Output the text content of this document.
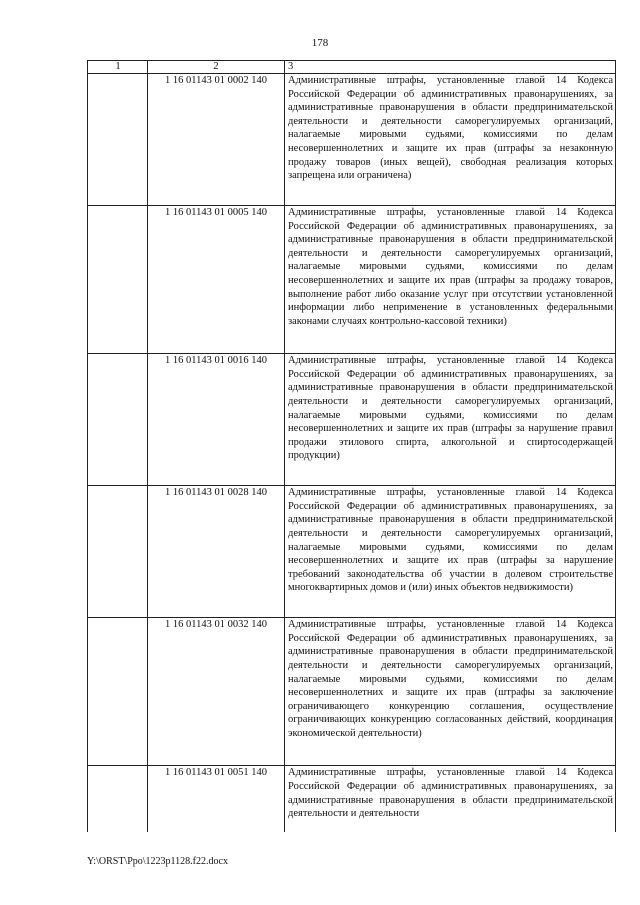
178
1	2	3
	1 16 01143 01 0002 140	Административные штрафы, установленные главой 14 Кодекса Российской Федерации об административных правонарушениях, за административные правонарушения в области предпринимательской деятельности и деятельности саморегулируемых организаций, налагаемые мировыми судьями, комиссиями по делам несовершеннолетних и защите их прав (штрафы за незаконную продажу товаров (иных вещей), свободная реализация которых запрещена или ограничена)
	1 16 01143 01 0005 140	Административные штрафы, установленные главой 14 Кодекса Российской Федерации об административных правонарушениях, за административные правонарушения в области предпринимательской деятельности и деятельности саморегулируемых организаций, налагаемые мировыми судьями, комиссиями по делам несовершеннолетних и защите их прав (штрафы за продажу товаров, выполнение работ либо оказание услуг при отсутствии установленной информации либо неприменение в установленных федеральными законами случаях контрольно-кассовой техники)
	1 16 01143 01 0016 140	Административные штрафы, установленные главой 14 Кодекса Российской Федерации об административных правонарушениях, за административные правонарушения в области предпринимательской деятельности и деятельности саморегулируемых организаций, налагаемые мировыми судьями, комиссиями по делам несовершеннолетних и защите их прав (штрафы за нарушение правил продажи этилового спирта, алкогольной и спиртосодержащей продукции)
	1 16 01143 01 0028 140	Административные штрафы, установленные главой 14 Кодекса Российской Федерации об административных правонарушениях, за административные правонарушения в области предпринимательской деятельности и деятельности саморегулируемых организаций, налагаемые мировыми судьями, комиссиями по делам несовершеннолетних и защите их прав (штрафы за нарушение требований законодательства об участии в долевом строительстве многоквартирных домов и (или) иных объектов недвижимости)
	1 16 01143 01 0032 140	Административные штрафы, установленные главой 14 Кодекса Российской Федерации об административных правонарушениях, за административные правонарушения в области предпринимательской деятельности и деятельности саморегулируемых организаций, налагаемые мировыми судьями, комиссиями по делам несовершеннолетних и защите их прав (штрафы за заключение ограничивающего конкуренцию соглашения, осуществление ограничивающих конкуренцию согласованных действий, координация экономической деятельности)
	1 16 01143 01 0051 140	Административные штрафы, установленные главой 14 Кодекса Российской Федерации об административных правонарушениях, за административные правонарушения в области предпринимательской деятельности и деятельности
Y:\ORST\Ppo\1223p1128.f22.docx
